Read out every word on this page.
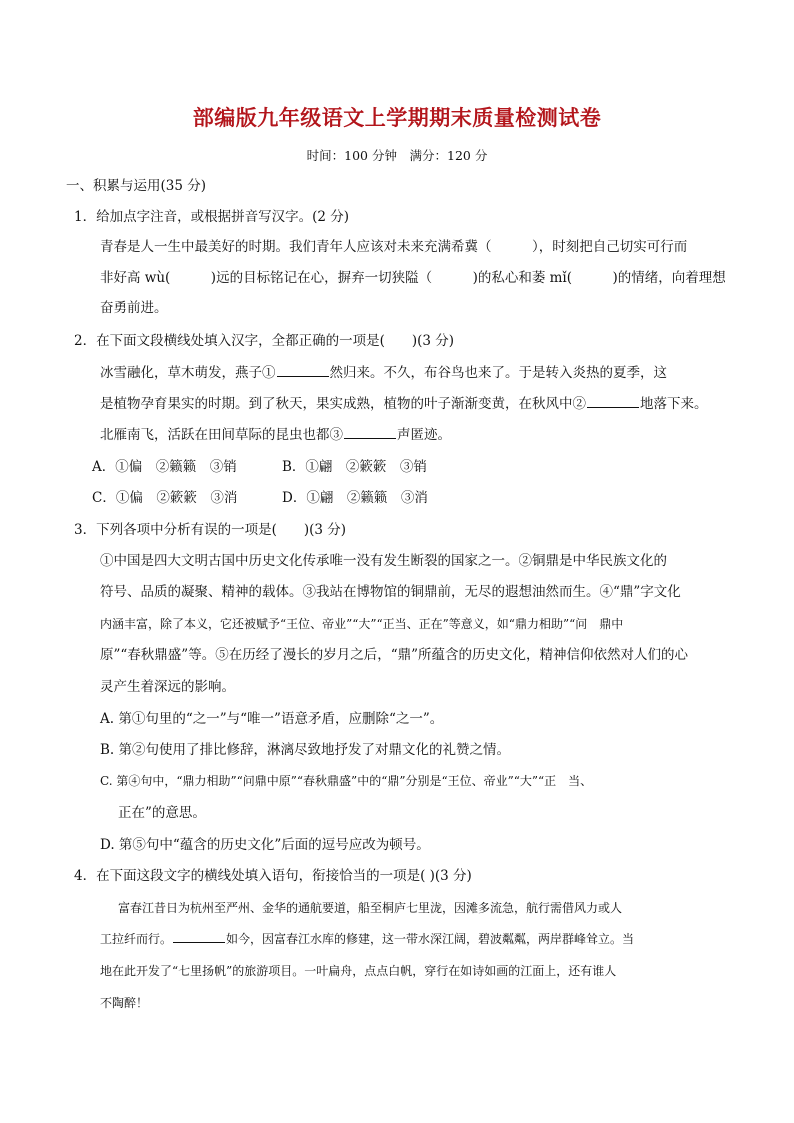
部编版九年级语文上学期期末质量检测试卷
时间：100 分钟　满分：120 分
一、积累与运用(35 分)
1．给加点字注音，或根据拼音写汉字。(2 分)
青春是人一生中最美好的时期。我们青年人应该对未来充满希冀（　　　），时刻把自己切实可行而
非好高 wù(　　　)远的目标铭记在心，摒弃一切狭隘（　　　)的私心和萎 mǐ(　　　)的情绪，向着理想
奋勇前进。
2．在下面文段横线处填入汉字，全都正确的一项是(　　)(3 分)
冰雪融化，草木萌发，燕子①	然归来。不久，布谷鸟也来了。于是转入炎热的夏季，这
是植物孕育果实的时期。到了秋天，果实成熟，植物的叶子渐渐变黄，在秋风中②	地落下来。
北雁南飞，活跃在田间草际的昆虫也都③	声匿迹。
A．①偏　②籁籁　③销	B．①翩　②簌簌　③销
C．①偏　②簌簌　③消	D．①翩　②籁籁　③消
3．下列各项中分析有误的一项是(　　)(3 分)
①中国是四大文明古国中历史文化传承唯一没有发生断裂的国家之一。②铜鼎是中华民族文化的
符号、品质的凝聚、精神的载体。③我站在博物馆的铜鼎前，无尽的遐想油然而生。④“鼎”字文化
内涵丰富，除了本义，它还被赋予“王位、帝业”“大”“正当、正在”等意义，如“鼎力相助”“问　鼎中
原”“春秋鼎盛”等。⑤在历经了漫长的岁月之后，“鼎”所蕴含的历史文化，精神信仰依然对人们的心
灵产生着深远的影响。
A. 第①句里的“之一”与“唯一”语意矛盾，应删除“之一”。
B. 第②句使用了排比修辞，淋漓尽致地抒发了对鼎文化的礼赞之情。
C. 第④句中，“鼎力相助”“问鼎中原”“春秋鼎盛”中的“鼎”分别是“王位、帝业”“大”“正　当、
正在”的意思。
D. 第⑤句中“蕴含的历史文化”后面的逗号应改为顿号。
4．在下面这段文字的横线处填入语句，衔接恰当的一项是( )(3 分)
富春江昔日为杭州至严州、金华的通航要道，船至桐庐七里泷，因滩多流急，航行需借风力或人
工拉纤而行。	如今，因富春江水库的修建，这一带水深江阔，碧波粼粼，两岸群峰耸立。当
地在此开发了“七里扬帆”的旅游项目。一叶扁舟，点点白帆，穿行在如诗如画的江面上，还有谁人
不陶醉！
